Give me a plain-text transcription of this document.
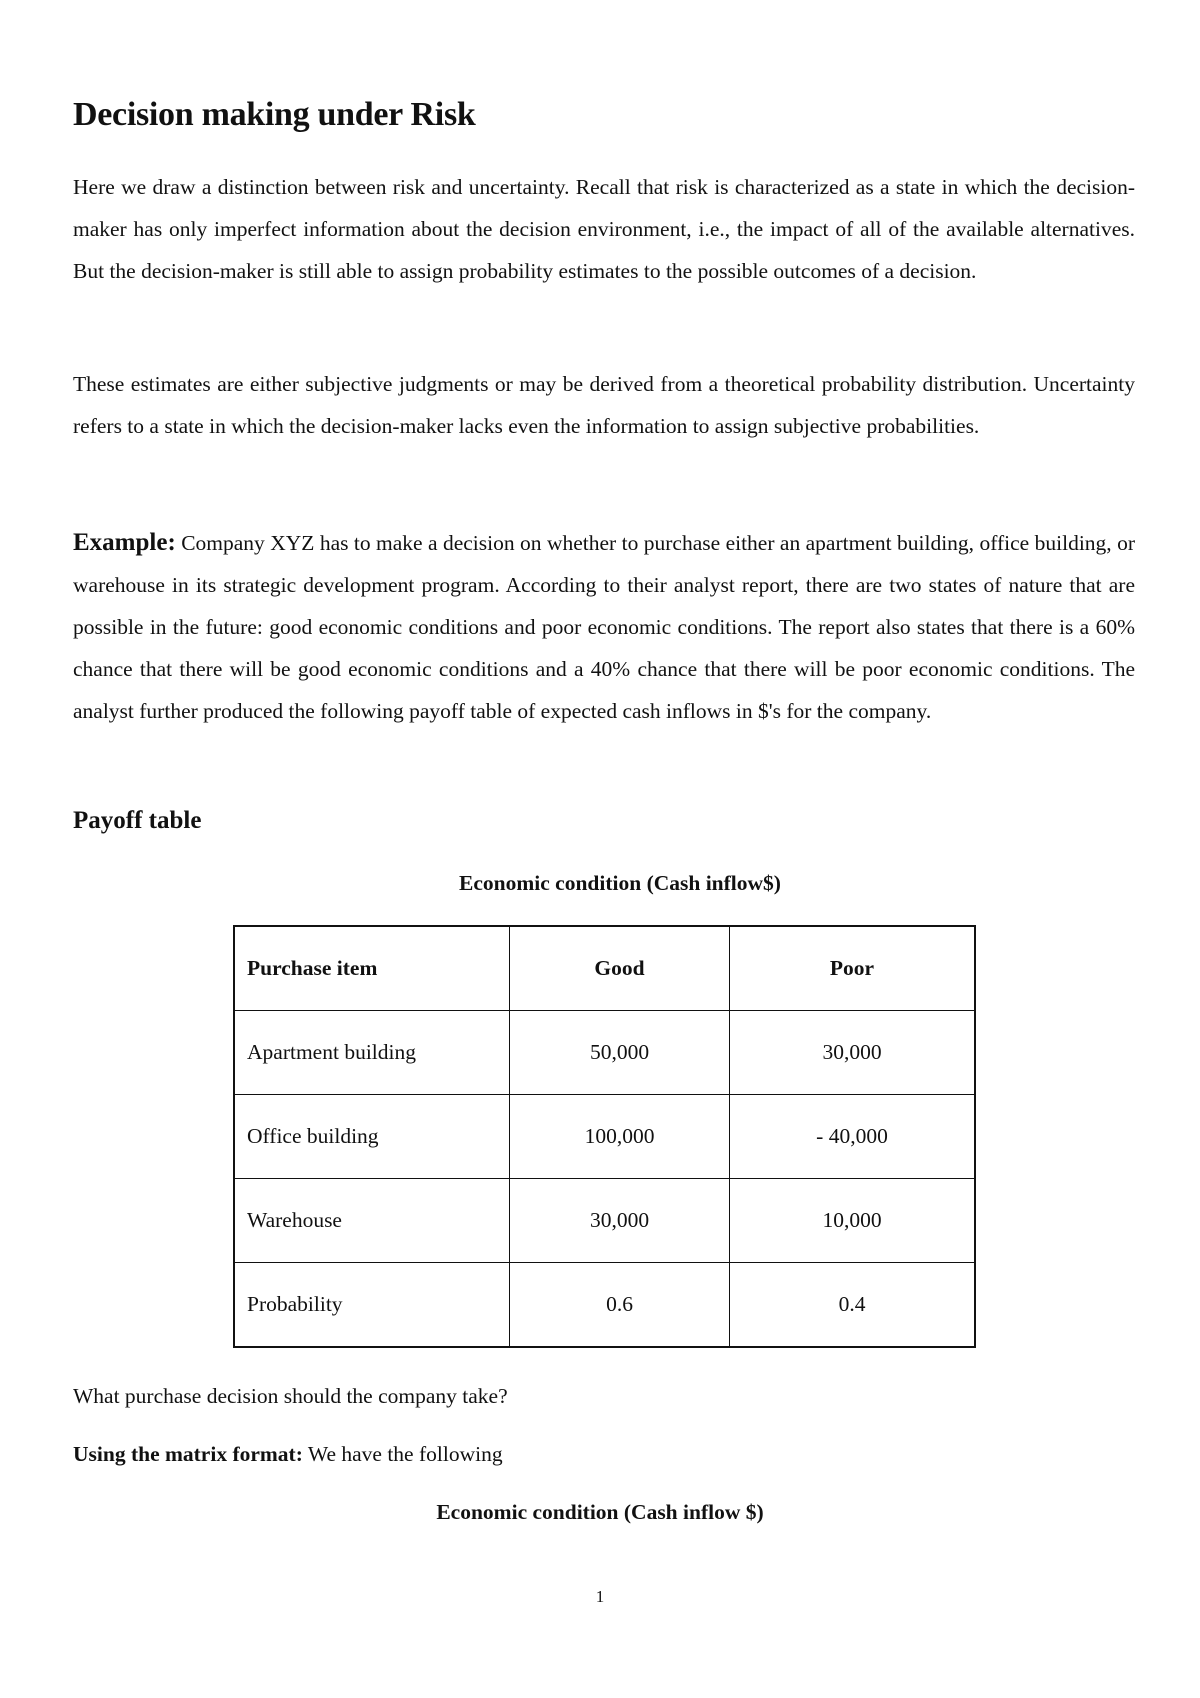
Decision making under Risk

Here we draw a distinction between risk and uncertainty. Recall that risk is characterized as a state in which the decision-maker has only imperfect information about the decision environment, i.e., the impact of all of the available alternatives. But the decision-maker is still able to assign probability estimates to the possible outcomes of a decision.

These estimates are either subjective judgments or may be derived from a theoretical probability distribution. Uncertainty refers to a state in which the decision-maker lacks even the information to assign subjective probabilities.

Example: Company XYZ has to make a decision on whether to purchase either an apartment building, office building, or warehouse in its strategic development program. According to their analyst report, there are two states of nature that are possible in the future: good economic conditions and poor economic conditions. The report also states that there is a 60% chance that there will be good economic conditions and a 40% chance that there will be poor economic conditions. The analyst further produced the following payoff table of expected cash inflows in $'s for the company.

Payoff table

Economic condition (Cash inflow$)

Purchase item	Good	Poor
Apartment building	50,000	30,000
Office building	100,000	- 40,000
Warehouse	30,000	10,000
Probability	0.6	0.4

What purchase decision should the company take?

Using the matrix format: We have the following

Economic condition (Cash inflow $)

1
